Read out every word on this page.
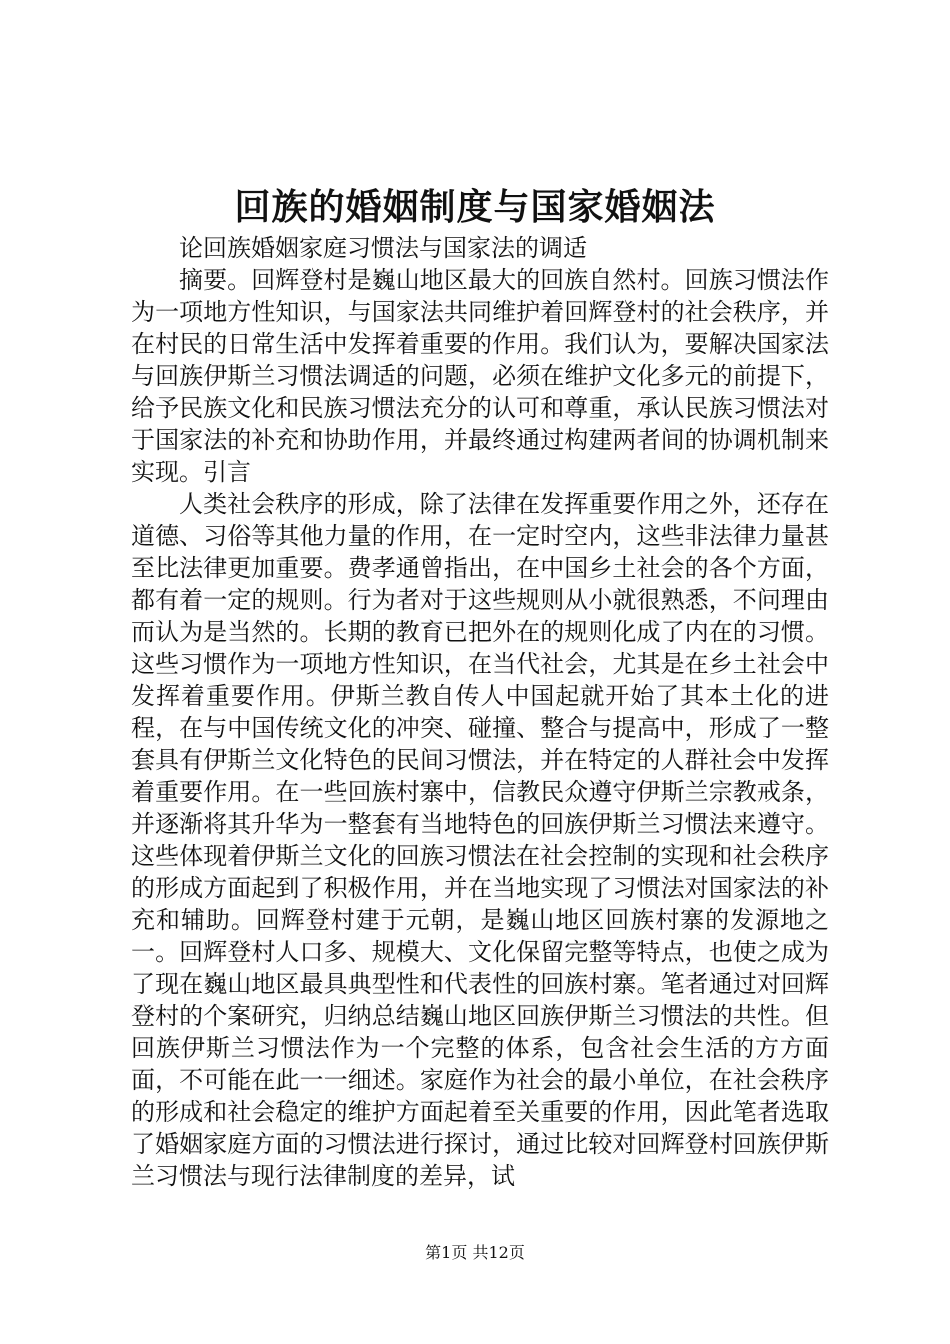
回族的婚姻制度与国家婚姻法

论回族婚姻家庭习惯法与国家法的调适

摘要。回辉登村是巍山地区最大的回族自然村。回族习惯法作为一项地方性知识，与国家法共同维护着回辉登村的社会秩序，并在村民的日常生活中发挥着重要的作用。我们认为，要解决国家法与回族伊斯兰习惯法调适的问题，必须在维护文化多元的前提下，给予民族文化和民族习惯法充分的认可和尊重，承认民族习惯法对于国家法的补充和协助作用，并最终通过构建两者间的协调机制来实现。引言

人类社会秩序的形成，除了法律在发挥重要作用之外，还存在道德、习俗等其他力量的作用，在一定时空内，这些非法律力量甚至比法律更加重要。费孝通曾指出，在中国乡土社会的各个方面，都有着一定的规则。行为者对于这些规则从小就很熟悉，不问理由而认为是当然的。长期的教育已把外在的规则化成了内在的习惯。这些习惯作为一项地方性知识，在当代社会，尤其是在乡土社会中发挥着重要作用。伊斯兰教自传人中国起就开始了其本土化的进程，在与中国传统文化的冲突、碰撞、整合与提高中，形成了一整套具有伊斯兰文化特色的民间习惯法，并在特定的人群社会中发挥着重要作用。在一些回族村寨中，信教民众遵守伊斯兰宗教戒条，并逐渐将其升华为一整套有当地特色的回族伊斯兰习惯法来遵守。这些体现着伊斯兰文化的回族习惯法在社会控制的实现和社会秩序的形成方面起到了积极作用，并在当地实现了习惯法对国家法的补充和辅助。回辉登村建于元朝，是巍山地区回族村寨的发源地之一。回辉登村人口多、规模大、文化保留完整等特点，也使之成为了现在巍山地区最具典型性和代表性的回族村寨。笔者通过对回辉登村的个案研究，归纳总结巍山地区回族伊斯兰习惯法的共性。但回族伊斯兰习惯法作为一个完整的体系，包含社会生活的方方面面，不可能在此一一细述。家庭作为社会的最小单位，在社会秩序的形成和社会稳定的维护方面起着至关重要的作用，因此笔者选取了婚姻家庭方面的习惯法进行探讨，通过比较对回辉登村回族伊斯兰习惯法与现行法律制度的差异，试

第1页 共12页
